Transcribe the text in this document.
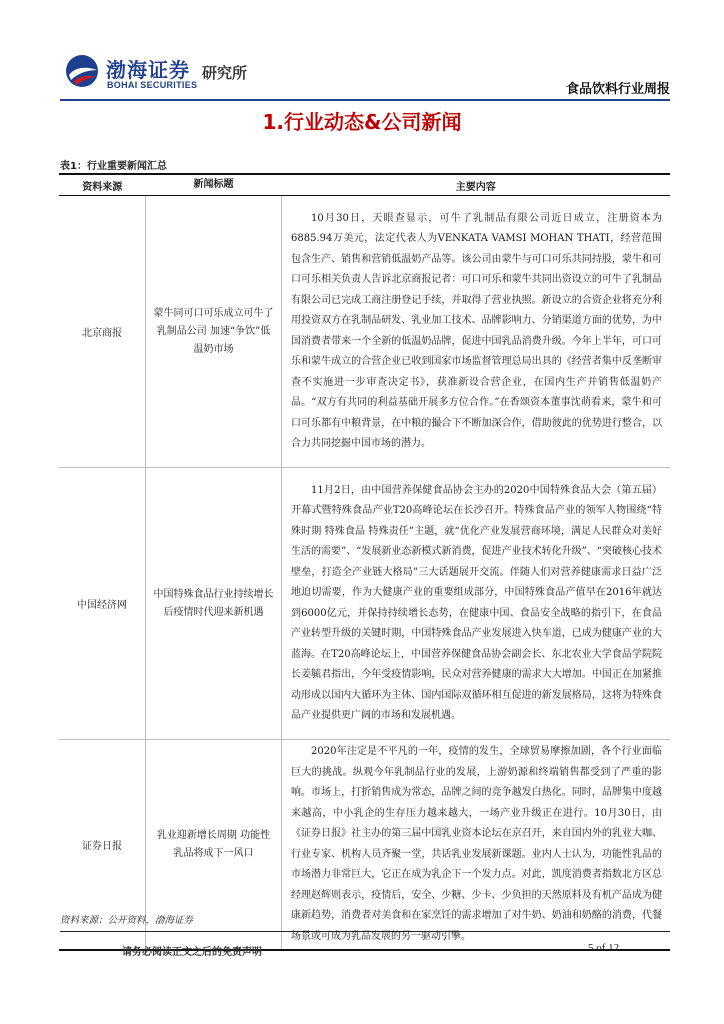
渤海证券
BOHAI SECURITIES
研究所
食品饮料行业周报
1.行业动态&公司新闻
表1：行业重要新闻汇总
资料来源	新闻标题	主要内容
北京商报	蒙牛同可口可乐成立可牛了乳制品公司 加速“争饮”低温奶市场	10月30日，天眼查显示，可牛了乳制品有限公司近日成立，注册资本为6885.94万美元，法定代表人为VENKATA VAMSI MOHAN THATI，经营范围包含生产、销售和营销低温奶产品等。该公司由蒙牛与可口可乐共同持股，蒙牛和可口可乐相关负责人告诉北京商报记者：可口可乐和蒙牛共同出资设立的可牛了乳制品有限公司已完成工商注册登记手续，并取得了营业执照。新设立的合资企业将充分利用投资双方在乳制品研发、乳业加工技术、品牌影响力、分销渠道方面的优势，为中国消费者带来一个全新的低温奶品牌，促进中国乳品消费升级。今年上半年，可口可乐和蒙牛成立的合营企业已收到国家市场监督管理总局出具的《经营者集中反垄断审查不实施进一步审查决定书》，获准新设合营企业，在国内生产并销售低温奶产品。“双方有共同的利益基础开展多方位合作。”在香颂资本董事沈萌看来，蒙牛和可口可乐都有中粮背景，在中粮的撮合下不断加深合作，借助彼此的优势进行整合，以合力共同挖掘中国市场的潜力。

中国经济网	中国特殊食品行业持续增长 后疫情时代迎来新机遇	11月2日，由中国营养保健食品协会主办的2020中国特殊食品大会（第五届）开幕式暨特殊食品产业T20高峰论坛在长沙召开。特殊食品产业的领军人物围绕“特殊时期 特殊食品 特殊责任”主题，就“优化产业发展营商环境，满足人民群众对美好生活的需要”、“发展新业态新模式新消费，促进产业技术转化升级”、“突破核心技术壁垒，打造全产业链大格局”三大话题展开交流。伴随人们对营养健康需求日益广泛地迫切需要，作为大健康产业的重要组成部分，中国特殊食品产值早在2016年就达到6000亿元，并保持持续增长态势，在健康中国、食品安全战略的指引下，在食品产业转型升级的关键时期，中国特殊食品产业发展进入快车道，已成为健康产业的大蓝海。在T20高峰论坛上，中国营养保健食品协会副会长、东北农业大学食品学院院长姜毓君指出，今年受疫情影响，民众对营养健康的需求大大增加。中国正在加紧推动形成以国内大循环为主体、国内国际双循环相互促进的新发展格局，这将为特殊食品产业提供更广阔的市场和发展机遇。

证券日报	乳业迎新增长周期 功能性乳品将成下一风口	2020年注定是不平凡的一年，疫情的发生，全球贸易摩擦加剧，各个行业面临巨大的挑战。纵观今年乳制品行业的发展，上游奶源和终端销售都受到了严重的影响。市场上，打折销售成为常态，品牌之间的竞争越发白热化。同时，品牌集中度越来越高，中小乳企的生存压力越来越大，一场产业升级正在进行。10月30日，由《证券日报》社主办的第三届中国乳业资本论坛在京召开，来自国内外的乳业大咖、行业专家、机构人员齐聚一堂，共话乳业发展新课题。业内人士认为，功能性乳品的市场潜力非常巨大，它正在成为乳企下一个发力点。对此，凯度消费者指数北方区总经理赵辉则表示，疫情后，安全、少糖、少卡、少负担的天然原料及有机产品成为健康新趋势，消费者对美食和在家烹饪的需求增加了对牛奶、奶油和奶酪的消费，代餐场景或可成为乳品发展的另一驱动引擎。

资料来源：公开资料，渤海证券
请务必阅读正文之后的免责声明	5 of 12
